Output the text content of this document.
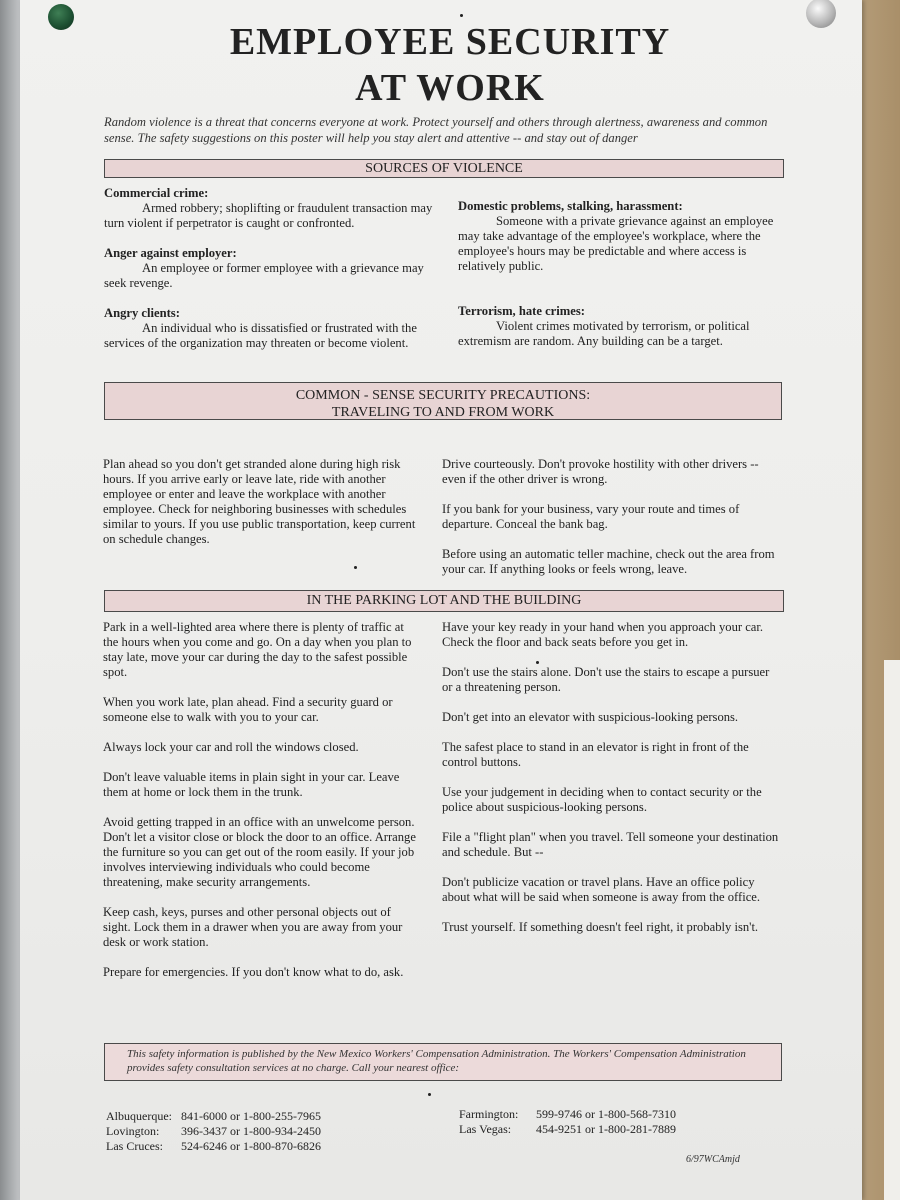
EMPLOYEE SECURITY
AT WORK
Random violence is a threat that concerns everyone at work. Protect yourself and others through alertness, awareness and common sense. The safety suggestions on this poster will help you stay alert and attentive -- and stay out of danger
SOURCES OF VIOLENCE
Commercial crime:
Armed robbery; shoplifting or fraudulent transaction may turn violent if perpetrator is caught or confronted.
Anger against employer:
An employee or former employee with a grievance may seek revenge.
Angry clients:
An individual who is dissatisfied or frustrated with the services of the organization may threaten or become violent.
Domestic problems, stalking, harassment:
Someone with a private grievance against an employee may take advantage of the employee's workplace, where the employee's hours may be predictable and where access is relatively public.
Terrorism, hate crimes:
Violent crimes motivated by terrorism, or political extremism are random. Any building can be a target.
COMMON - SENSE SECURITY PRECAUTIONS:
TRAVELING TO AND FROM WORK
Plan ahead so you don't get stranded alone during high risk hours. If you arrive early or leave late, ride with another employee or enter and leave the workplace with another employee. Check for neighboring businesses with schedules similar to yours. If you use public transportation, keep current on schedule changes.
Drive courteously. Don't provoke hostility with other drivers -- even if the other driver is wrong.
If you bank for your business, vary your route and times of departure. Conceal the bank bag.
Before using an automatic teller machine, check out the area from your car. If anything looks or feels wrong, leave.
IN THE PARKING LOT AND THE BUILDING
Park in a well-lighted area where there is plenty of traffic at the hours when you come and go. On a day when you plan to stay late, move your car during the day to the safest possible spot.
When you work late, plan ahead. Find a security guard or someone else to walk with you to your car.
Always lock your car and roll the windows closed.
Don't leave valuable items in plain sight in your car. Leave them at home or lock them in the trunk.
Avoid getting trapped in an office with an unwelcome person. Don't let a visitor close or block the door to an office. Arrange the furniture so you can get out of the room easily. If your job involves interviewing individuals who could become threatening, make security arrangements.
Keep cash, keys, purses and other personal objects out of sight. Lock them in a drawer when you are away from your desk or work station.
Prepare for emergencies. If you don't know what to do, ask.
Have your key ready in your hand when you approach your car. Check the floor and back seats before you get in.
Don't use the stairs alone. Don't use the stairs to escape a pursuer or a threatening person.
Don't get into an elevator with suspicious-looking persons.
The safest place to stand in an elevator is right in front of the control buttons.
Use your judgement in deciding when to contact security or the police about suspicious-looking persons.
File a "flight plan" when you travel. Tell someone your destination and schedule. But --
Don't publicize vacation or travel plans. Have an office policy about what will be said when someone is away from the office.
Trust yourself. If something doesn't feel right, it probably isn't.
This safety information is published by the New Mexico Workers' Compensation Administration. The Workers' Compensation Administration provides safety consultation services at no charge. Call your nearest office:
Albuquerque: 841-6000 or 1-800-255-7965
Lovington:	396-3437 or 1-800-934-2450
Las Cruces:	524-6246 or 1-800-870-6826
Farmington:	599-9746 or 1-800-568-7310
Las Vegas:	454-9251 or 1-800-281-7889
6/97WCAmjd
